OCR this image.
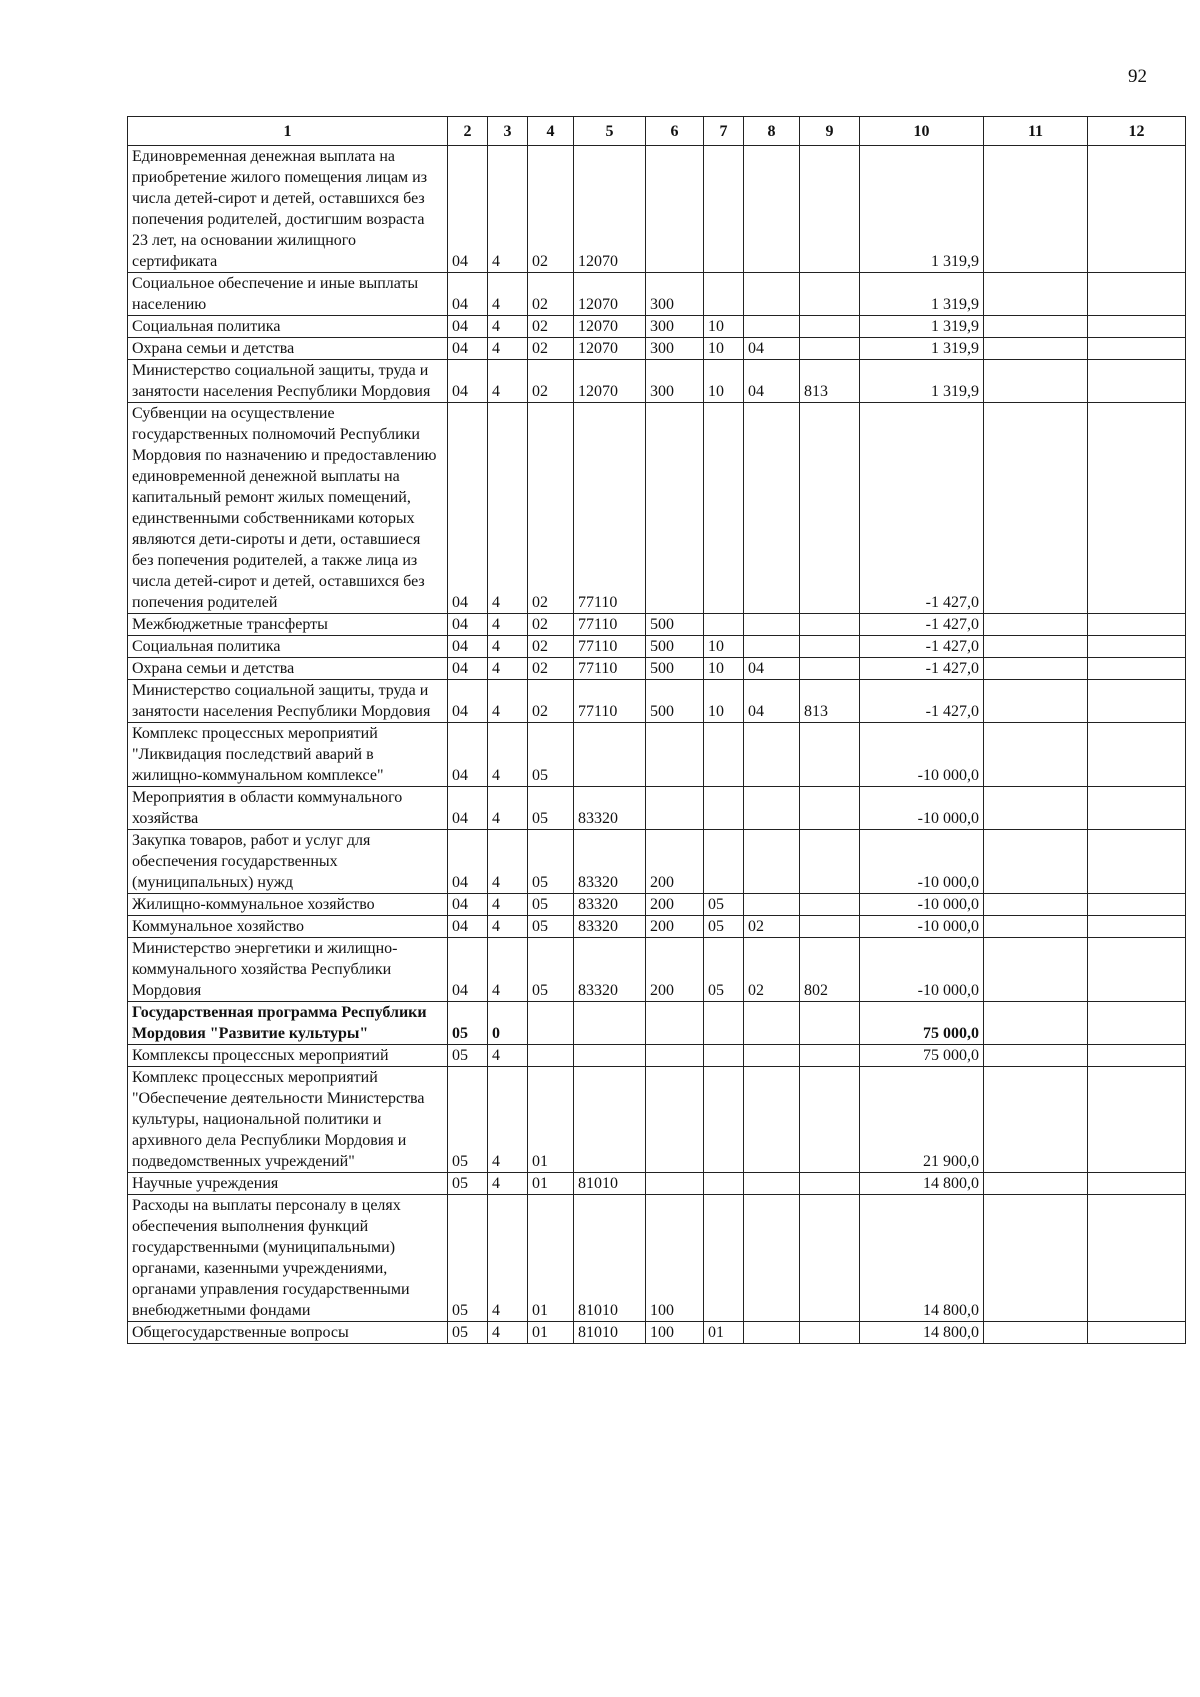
92
1	2	3	4	5	6	7	8	9	10	11	12
Единовременная денежная выплата на приобретение жилого помещения лицам из числа детей-сирот и детей, оставшихся без попечения родителей, достигшим возраста 23 лет, на основании жилищного сертификата	04	4	02	12070					1 319,9		
Социальное обеспечение и иные выплаты населению	04	4	02	12070	300				1 319,9		
Социальная политика	04	4	02	12070	300	10			1 319,9		
Охрана семьи и детства	04	4	02	12070	300	10	04		1 319,9		
Министерство социальной защиты, труда и занятости населения Республики Мордовия	04	4	02	12070	300	10	04	813	1 319,9		
Субвенции на осуществление государственных полномочий Республики Мордовия по назначению и предоставлению единовременной денежной выплаты на капитальный ремонт жилых помещений, единственными собственниками которых являются дети-сироты и дети, оставшиеся без попечения родителей, а также лица из числа детей-сирот и детей, оставшихся без попечения родителей	04	4	02	77110					-1 427,0		
Межбюджетные трансферты	04	4	02	77110	500				-1 427,0		
Социальная политика	04	4	02	77110	500	10			-1 427,0		
Охрана семьи и детства	04	4	02	77110	500	10	04		-1 427,0		
Министерство социальной защиты, труда и занятости населения Республики Мордовия	04	4	02	77110	500	10	04	813	-1 427,0		
Комплекс процессных мероприятий "Ликвидация последствий аварий в жилищно-коммунальном комплексе"	04	4	05						-10 000,0		
Мероприятия в области коммунального хозяйства	04	4	05	83320					-10 000,0		
Закупка товаров, работ и услуг для обеспечения государственных (муниципальных) нужд	04	4	05	83320	200				-10 000,0		
Жилищно-коммунальное хозяйство	04	4	05	83320	200	05			-10 000,0		
Коммунальное хозяйство	04	4	05	83320	200	05	02		-10 000,0		
Министерство энергетики и жилищно-коммунального хозяйства Республики Мордовия	04	4	05	83320	200	05	02	802	-10 000,0		
Государственная программа Республики Мордовия "Развитие культуры"	05	0							75 000,0		
Комплексы процессных мероприятий	05	4							75 000,0		
Комплекс процессных мероприятий "Обеспечение деятельности Министерства культуры, национальной политики и архивного дела Республики Мордовия и подведомственных учреждений"	05	4	01						21 900,0		
Научные учреждения	05	4	01	81010					14 800,0		
Расходы на выплаты персоналу в целях обеспечения выполнения функций государственными (муниципальными) органами, казенными учреждениями, органами управления государственными внебюджетными фондами	05	4	01	81010	100				14 800,0		
Общегосударственные вопросы	05	4	01	81010	100	01			14 800,0		
